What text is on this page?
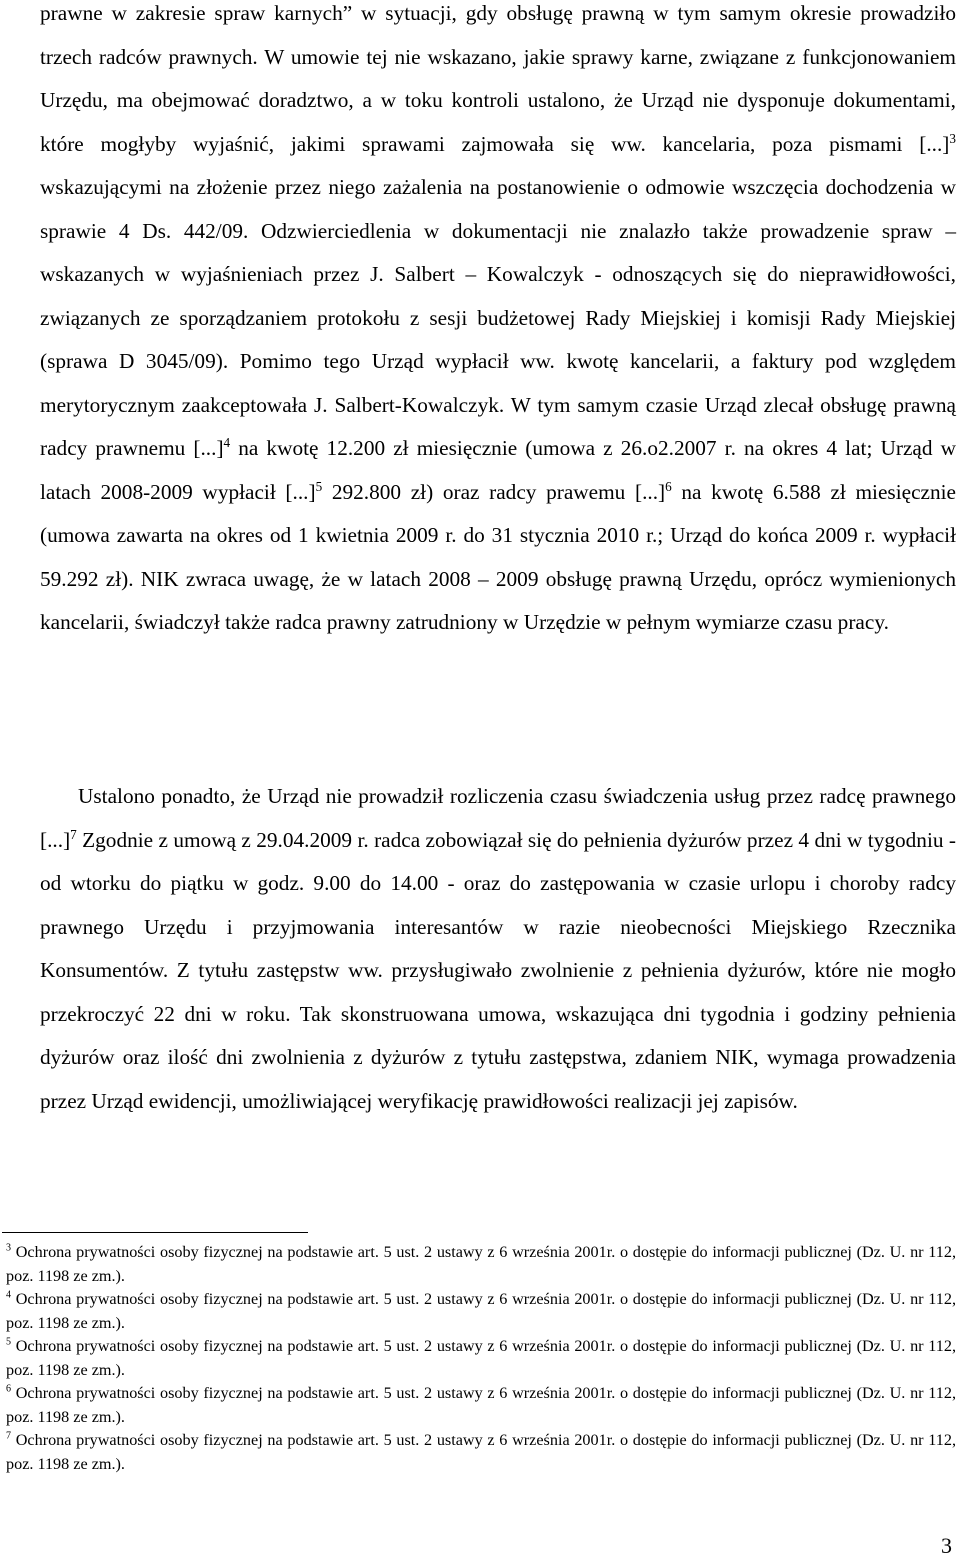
prawne w zakresie spraw karnych” w sytuacji, gdy obsługę prawną w tym samym okresie prowadziło trzech radców prawnych. W umowie tej nie wskazano, jakie sprawy karne, związane z funkcjonowaniem Urzędu, ma obejmować doradztwo, a w toku kontroli ustalono, że Urząd nie dysponuje dokumentami, które mogłyby wyjaśnić, jakimi sprawami zajmowała się ww. kancelaria, poza pismami [...]$^3$ wskazującymi na złożenie przez niego zażalenia na postanowienie o odmowie wszczęcia dochodzenia w sprawie 4 Ds. 442/09. Odzwierciedlenia w dokumentacji nie znalazło także prowadzenie spraw – wskazanych w wyjaśnieniach przez J. Salbert – Kowalczyk - odnoszących się do nieprawidłowości, związanych ze sporządzaniem protokołu z sesji budżetowej Rady Miejskiej i komisji Rady Miejskiej (sprawa D 3045/09). Pomimo tego Urząd wypłacił ww. kwotę kancelarii, a faktury pod względem merytorycznym zaakceptowała J. Salbert-Kowalczyk. W tym samym czasie Urząd zlecał obsługę prawną radcy prawnemu [...]$^4$ na kwotę 12.200 zł miesięcznie (umowa z 26.o2.2007 r. na okres 4 lat; Urząd w latach 2008-2009 wypłacił [...]$^5$ 292.800 zł) oraz radcy prawemu [...]$^6$ na kwotę 6.588 zł miesięcznie (umowa zawarta na okres od 1 kwietnia 2009 r. do 31 stycznia 2010 r.; Urząd do końca 2009 r. wypłacił 59.292 zł). NIK zwraca uwagę, że w latach 2008 – 2009 obsługę prawną Urzędu, oprócz wymienionych kancelarii, świadczył także radca prawny zatrudniony w Urzędzie w pełnym wymiarze czasu pracy.

Ustalono ponadto, że Urząd nie prowadził rozliczenia czasu świadczenia usług przez radcę prawnego [...]$^7$ Zgodnie z umową z 29.04.2009 r. radca zobowiązał się do pełnienia dyżurów przez 4 dni w tygodniu - od wtorku do piątku w godz. 9.00 do 14.00 - oraz do zastępowania w czasie urlopu i choroby radcy prawnego Urzędu i przyjmowania interesantów w razie nieobecności Miejskiego Rzecznika Konsumentów. Z tytułu zastępstw ww. przysługiwało zwolnienie z pełnienia dyżurów, które nie mogło przekroczyć 22 dni w roku. Tak skonstruowana umowa, wskazująca dni tygodnia i godziny pełnienia dyżurów oraz ilość dni zwolnienia z dyżurów z tytułu zastępstwa, zdaniem NIK, wymaga prowadzenia przez Urząd ewidencji, umożliwiającej weryfikację prawidłowości realizacji jej zapisów.

$^3$ Ochrona prywatności osoby fizycznej na podstawie art. 5 ust. 2 ustawy z 6 września 2001r. o dostępie do informacji publicznej (Dz. U. nr 112, poz. 1198 ze zm.).

$^4$ Ochrona prywatności osoby fizycznej na podstawie art. 5 ust. 2 ustawy z 6 września 2001r. o dostępie do informacji publicznej (Dz. U. nr 112, poz. 1198 ze zm.).

$^5$ Ochrona prywatności osoby fizycznej na podstawie art. 5 ust. 2 ustawy z 6 września 2001r. o dostępie do informacji publicznej (Dz. U. nr 112, poz. 1198 ze zm.).

$^6$ Ochrona prywatności osoby fizycznej na podstawie art. 5 ust. 2 ustawy z 6 września 2001r. o dostępie do informacji publicznej (Dz. U. nr 112, poz. 1198 ze zm.).

$^7$ Ochrona prywatności osoby fizycznej na podstawie art. 5 ust. 2 ustawy z 6 września 2001r. o dostępie do informacji publicznej (Dz. U. nr 112, poz. 1198 ze zm.).

3
